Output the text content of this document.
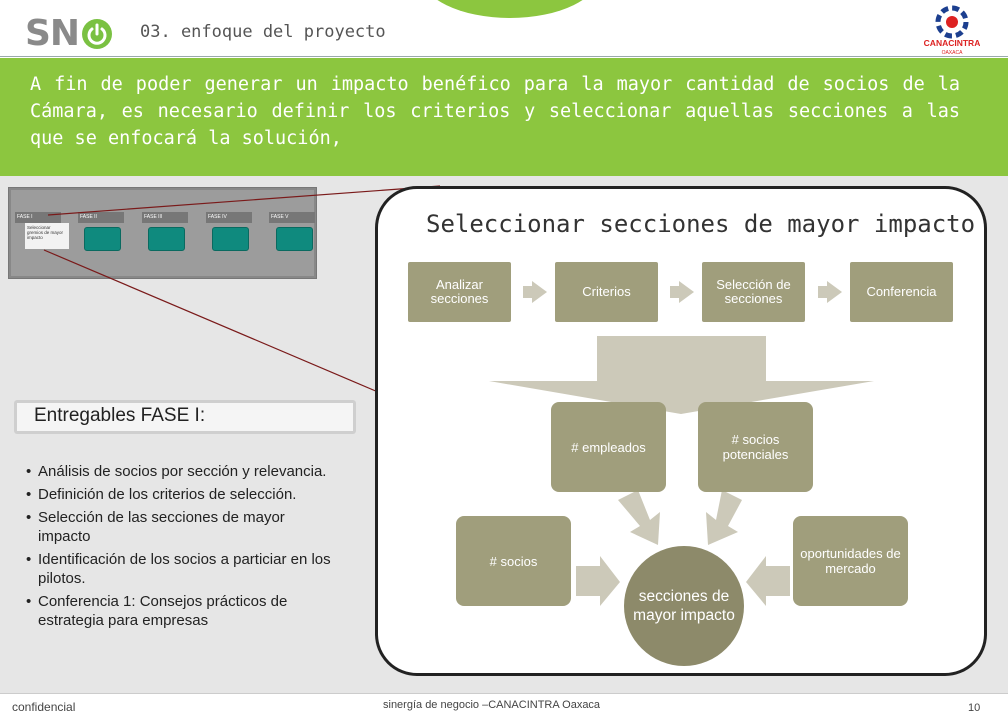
SN	03. enfoque del proyecto
CANACINTRA
OAXACA
A fin de poder generar un impacto benéfico para la mayor cantidad de socios de la Cámara, es necesario definir los criterios y seleccionar aquellas secciones a las que se enfocará la solución,
FASE I	FASE II	FASE III	FASE IV	FASE V
Seleccionar gremios de mayor impacto
Entregables FASE I:
• Análisis de socios por sección y relevancia.
• Definición de los criterios de selección.
• Selección de las secciones de mayor impacto
• Identificación de los socios a particiar en los pilotos.
• Conferencia 1: Consejos prácticos de estrategia para empresas
Seleccionar secciones de mayor impacto
Analizar secciones	Criterios	Selección de secciones	Conferencia
# empleados	# socios potenciales
# socios	oportunidades de mercado
secciones de mayor impacto
confidencial	sinergía de negocio –CANACINTRA Oaxaca	10
